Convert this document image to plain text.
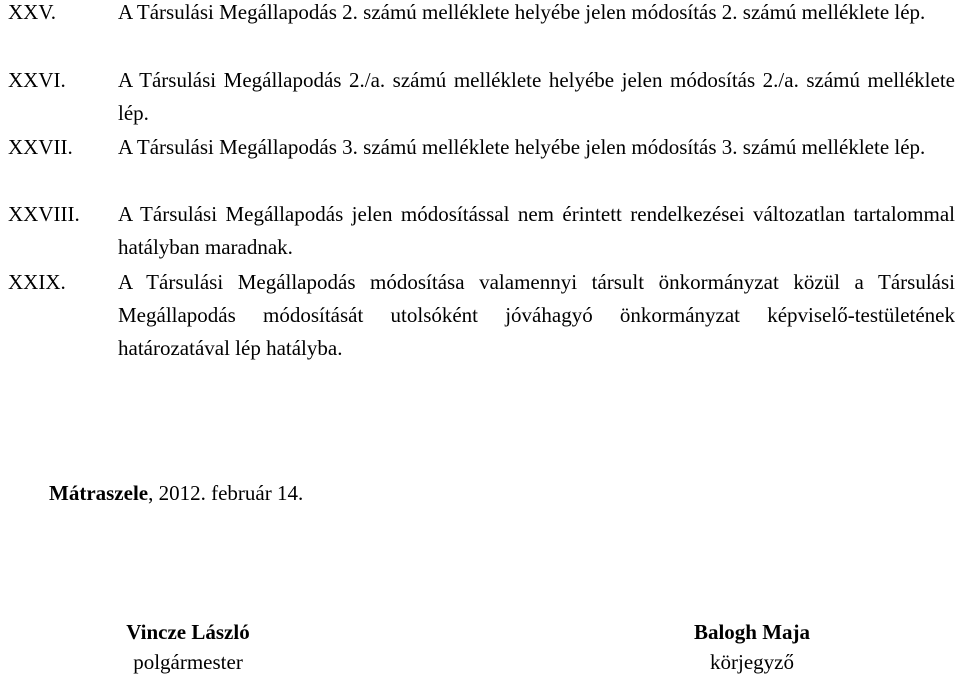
XXV.	A Társulási Megállapodás 2. számú melléklete helyébe jelen módosítás 2. számú melléklete lép.
XXVI. A Társulási Megállapodás 2./a. számú melléklete helyébe jelen módosítás 2./a. számú melléklete lép.
XXVII. A Társulási Megállapodás 3. számú melléklete helyébe jelen módosítás 3. számú melléklete lép.
XXVIII. A Társulási Megállapodás jelen módosítással nem érintett rendelkezései változatlan tartalommal hatályban maradnak.
XXIX. A Társulási Megállapodás módosítása valamennyi társult önkormányzat közül a Társulási Megállapodás módosítását utolsóként jóváhagyó önkormányzat képviselő-testületének határozatával lép hatályba.
Mátraszele, 2012. február 14.
Vincze László
polgármester
Balogh Maja
körjegyző
